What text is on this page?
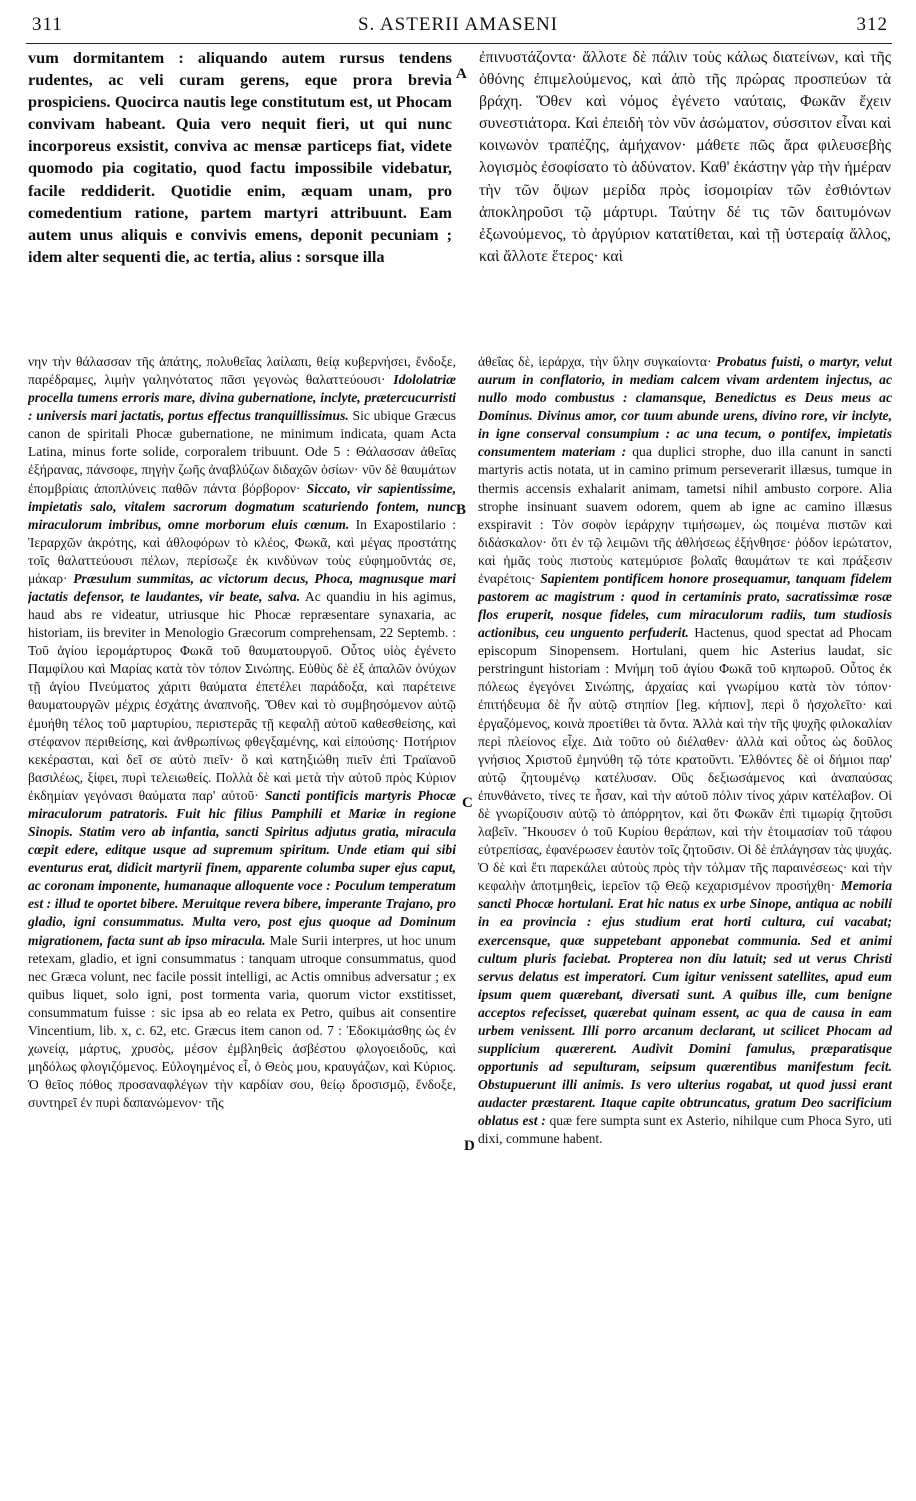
311	S. ASTERII AMASENI	312
A
B
C
D

vum dormitantem : aliquando autem rursus tendens rudentes, ac veli curam gerens, eque prora brevia prospiciens. Quocirca nautis lege constitutum est, ut Phocam convivam habeant. Quia vero nequit fieri, ut qui nunc incorporeus exsistit, conviva ac mensæ particeps fiat, videte quomodo pia cogitatio, quod factu impossibile videbatur, facile reddiderit. Quotidie enim, æquam unam, pro comedentium ratione, partem martyri attribuunt. Eam autem unus aliquis e convivis emens, deponit pecuniam ; idem alter sequenti die, ac tertia, alius : sorsque illa

ἐπινυστάζοντα· ἄλλοτε δὲ πάλιν τοὺς κάλως διατείνων, καὶ τῆς ὀθόνης ἐπιμελούμενος, καὶ ἀπὸ τῆς πρώρας προσπεύων τὰ βράχη. Ὅθεν καὶ νόμος ἐγένετο ναύταις, Φωκᾶν ἔχειν συνεστιάτορα. Καὶ ἐπειδὴ τὸν νῦν ἀσώματον, σύσσιτον εἶναι καὶ κοινωνὸν τραπέζης, ἀμήχανον· μάθετε πῶς ἄρα φιλευσεβὴς λογισμὸς ἐσοφίσατο τὸ ἀδύνατον. Καθ' ἑκάστην γὰρ τὴν ἡμέραν τὴν τῶν ὄψων μερίδα πρὸς ἰσομοιρίαν τῶν ἐσθιόντων ἀποκληροῦσι τῷ μάρτυρι. Ταύτην δέ τις τῶν δαιτυμόνων ἐξωνούμενος, τὸ ἀργύριον κατατίθεται, καὶ τῇ ὑστεραίᾳ ἄλλος, καὶ ἄλλοτε ἕτερος· καὶ

νην τὴν θάλασσαν τῆς ἀπάτης, πολυθεΐας λαίλαπι, θείᾳ κυβερνήσει, ἔνδοξε, παρέδραμες, λιμὴν γαληνότατος πᾶσι γεγονὼς θαλαττεύουσι· Idololatriæ procella tumens erroris mare, divina gubernatione, inclyte, prætercucurristi : universis mari jactatis, portus effectus tranquillissimus. Sic ubique Græcus canon de spiritali Phocæ gubernatione, ne minimum indicata, quam Acta Latina, minus forte solide, corporalem tribuunt. Ode 5 : Θάλασσαν ἀθεΐας ἐξήρανας, πάνσοφε, πηγὴν ζωῆς ἀναβλύζων διδαχῶν ὁσίων· νῦν δὲ θαυμάτων ἐπομβρίαις ἀποπλύνεις παθῶν πάντα βόρβορον· Siccato, vir sapientissime, impietatis salo, vitalem sacrorum dogmatum scaturiendo fontem, nunc miraculorum imbribus, omne morborum eluis cœnum. In Exapostilario : Ἱεραρχῶν ἀκρότης, καὶ ἀθλοφόρων τὸ κλέος, Φωκᾶ, καὶ μέγας προστάτης τοῖς θαλαττεύουσι πέλων, περίσωζε ἐκ κινδύνων τοὺς εὐφημοῦντάς σε, μάκαρ· Præsulum summitas, ac victorum decus, Phoca, magnusque mari jactatis defensor, te laudantes, vir beate, salva. Ac quandiu in his agimus, haud abs re videatur, utriusque hic Phocæ repræsentare synaxaria, ac historiam, iis breviter in Menologio Græcorum comprehensam, 22 Septemb. : Τοῦ ἁγίου ἱερομάρτυρος Φωκᾶ τοῦ θαυματουργοῦ. Οὗτος υἱὸς ἐγένετο Παμφίλου καὶ Μαρίας κατὰ τὸν τόπον Σινώπης. Εὐθὺς δὲ ἐξ ἁπαλῶν ὀνύχων τῇ ἁγίου Πνεύματος χάριτι θαύματα ἐπετέλει παράδοξα, καὶ παρέτεινε θαυματουργῶν μέχρις ἐσχάτης ἀναπνοῆς. Ὅθεν καὶ τὸ συμβησόμενον αὐτῷ ἐμυήθη τέλος τοῦ μαρτυρίου, περιστερᾶς τῇ κεφαλῇ αὐτοῦ καθεσθείσης, καὶ στέφανον περιθείσης, καὶ ἀνθρωπίνως φθεγξαμένης, καὶ εἰπούσης· Ποτήριον κεκέρασται, καὶ δεῖ σε αὐτὸ πιεῖν· ὃ καὶ κατηξιώθη πιεῖν ἐπὶ Τραϊανοῦ βασιλέως, ξίφει, πυρὶ τελειωθείς. Πολλὰ δὲ καὶ μετὰ τὴν αὐτοῦ πρὸς Κύριον ἐκδημίαν γεγόνασι θαύματα παρ' αὐτοῦ· Sancti pontificis martyris Phocæ miraculorum patratoris. Fuit hic filius Pamphili et Mariæ in regione Sinopis. Statim vero ab infantia, sancti Spiritus adjutus gratia, miracula cœpit edere, editque usque ad supremum spiritum. Unde etiam qui sibi eventurus erat, didicit martyrii finem, apparente columba super ejus caput, ac coronam imponente, humanaque alloquente voce : Poculum temperatum est : illud te oportet bibere. Meruitque revera bibere, imperante Trajano, pro gladio, igni consummatus. Multa vero, post ejus quoque ad Dominum migrationem, facta sunt ab ipso miracula. Male Surii interpres, ut hoc unum retexam, gladio, et igni consummatus : tanquam utroque consummatus, quod nec Græca volunt, nec facile possit intelligi, ac Actis omnibus adversatur ; ex quibus liquet, solo igni, post tormenta varia, quorum victor exstitisset, consummatum fuisse : sic ipsa ab eo relata ex Petro, quibus ait consentire Vincentium, lib. x, c. 62, etc. Græcus item canon od. 7 : Ἐδοκιμάσθης ὡς ἐν χωνείᾳ, μάρτυς, χρυσὸς, μέσον ἐμβληθεὶς ἀσβέστου φλογοειδοῦς, καὶ μηδόλως φλογιζόμενος. Εὐλογημένος εἶ, ὁ Θεὸς μου, κραυγάζων, καὶ Κύριος. Ὁ θεῖος πόθος προσαναφλέγων τὴν καρδίαν σου, θείῳ δροσισμῷ, ἔνδοξε, συντηρεῖ ἐν πυρὶ δαπανώμενον· τῆς

ἀθεΐας δὲ, ἱεράρχα, τὴν ὕλην συγκαίοντα· Probatus fuisti, o martyr, velut aurum in conflatorio, in mediam calcem vivam ardentem injectus, ac nullo modo combustus : clamansque, Benedictus es Deus meus ac Dominus. Divinus amor, cor tuum abunde urens, divino rore, vir inclyte, in igne conserval consumpium : ac una tecum, o pontifex, impietatis consumentem materiam : qua duplici strophe, duo illa canunt in sancti martyris actis notata, ut in camino primum perseverarit illæsus, tumque in thermis accensis exhalarit animam, tametsi nihil ambusto corpore. Alia strophe insinuant suavem odorem, quem ab igne ac camino illæsus exspiravit : Τὸν σοφὸν ἱεράρχην τιμήσωμεν, ὡς ποιμένα πιστῶν καὶ διδάσκαλον· ὅτι ἐν τῷ λειμῶνι τῆς ἀθλήσεως ἐξήνθησε· ῥόδον ἱερώτατον, καὶ ἡμᾶς τοὺς πιστοὺς κατεμύρισε βολαῖς θαυμάτων τε καὶ πράξεσιν ἐναρέτοις· Sapientem pontificem honore prosequamur, tanquam fidelem pastorem ac magistrum : quod in certaminis prato, sacratissimæ rosæ flos eruperit, nosque fideles, cum miraculorum radiis, tum studiosis actionibus, ceu unguento perfuderit. Hactenus, quod spectat ad Phocam episcopum Sinopensem. Hortulani, quem hic Asterius laudat, sic perstringunt historiam : Μνήμη τοῦ ἁγίου Φωκᾶ τοῦ κηπωροῦ. Οὗτος ἐκ πόλεως ἐγεγόνει Σινώπης, ἀρχαίας καὶ γνωρίμου κατὰ τὸν τόπον· ἐπιτήδευμα δὲ ἦν αὐτῷ στηπίον [leg. κήπιον], περὶ ὃ ἠσχολεῖτο· καὶ ἐργαζόμενος, κοινὰ προετίθει τὰ ὄντα. Ἀλλὰ καὶ τὴν τῆς ψυχῆς φιλοκαλίαν περὶ πλείονος εἶχε. Διὰ τοῦτο οὐ διέλαθεν· ἀλλὰ καὶ οὗτος ὡς δοῦλος γνήσιος Χριστοῦ ἐμηνύθη τῷ τότε κρατοῦντι. Ἐλθόντες δὲ οἱ δήμιοι παρ' αὐτῷ ζητουμένῳ κατέλυσαν. Οὓς δεξιωσάμενος καὶ ἀναπαύσας ἐπυνθάνετο, τίνες τε ἦσαν, καὶ τὴν αὐτοῦ πόλιν τίνος χάριν κατέλαβον. Οἱ δὲ γνωρίζουσιν αὐτῷ τὸ ἀπόρρητον, καὶ ὅτι Φωκᾶν ἐπὶ τιμωρίᾳ ζητοῦσι λαβεῖν. Ἤκουσεν ὁ τοῦ Κυρίου θεράπων, καὶ τὴν ἑτοιμασίαν τοῦ τάφου εὐτρεπίσας, ἐφανέρωσεν ἑαυτὸν τοῖς ζητοῦσιν. Οἱ δὲ ἐπλάγησαν τὰς ψυχάς. Ὁ δὲ καὶ ἔτι παρεκάλει αὐτοὺς πρὸς τὴν τόλμαν τῆς παραινέσεως· καὶ τὴν κεφαλὴν ἀποτμηθεὶς, ἱερεῖον τῷ Θεῷ κεχαρισμένον προσήχθη· Memoria sancti Phocæ hortulani. Erat hic natus ex urbe Sinope, antiqua ac nobili in ea provincia : ejus studium erat horti cultura, cui vacabat; exercensque, quæ suppetebant apponebat communia. Sed et animi cultum pluris faciebat. Propterea non diu latuit; sed ut verus Christi servus delatus est imperatori. Cum igitur venissent satellites, apud eum ipsum quem quærebant, diversati sunt. A quibus ille, cum benigne acceptos refecisset, quærebat quinam essent, ac qua de causa in eam urbem venissent. Illi porro arcanum declarant, ut scilicet Phocam ad supplicium quærerent. Audivit Domini famulus, præparatisque opportunis ad sepulturam, seipsum quærentibus manifestum fecit. Obstupuerunt illi animis. Is vero ulterius rogabat, ut quod jussi erant audacter præstarent. Itaque capite obtruncatus, gratum Deo sacrificium oblatus est : quæ fere sumpta sunt ex Asterio, nihilque cum Phoca Syro, uti dixi, commune habent.
